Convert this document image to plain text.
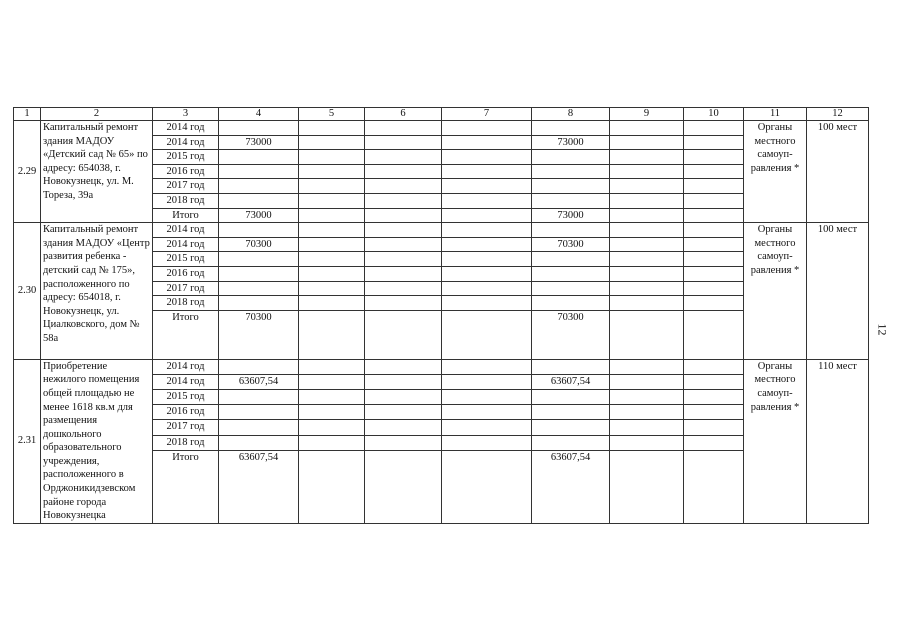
1	2	3	4	5	6	7	8	9	10	11	12
2.29	Капитальный ремонт здания МАДОУ «Детский сад № 65» по адресу: 654038, г. Новокузнецк, ул. М. Тореза, 39а	2014 год								Органы местного самоуп-равления *	100 мест
		2014 год	73000				73000				
		2015 год									
		2016 год									
		2017 год									
		2018 год									
		Итого	73000				73000				
2.30	Капитальный ремонт здания МАДОУ «Центр развития ребенка - детский сад № 175», расположенного по адресу: 654018, г. Новокузнецк, ул. Циалковского, дом № 58а	2014 год								Органы местного самоуп-равления *	100 мест
		2014 год	70300				70300				
		2015 год									
		2016 год									
		2017 год									
		2018 год									
		Итого	70300				70300				
2.31	Приобретение нежилого помещения общей площадью не менее 1618 кв.м для размещения дошкольного образовательного учреждения, расположенного в Орджоникидзевском районе города Новокузнецка	2014 год								Органы местного самоуп-равления *	110 мест
		2014 год	63607,54				63607,54				
		2015 год									
		2016 год									
		2017 год									
		2018 год									
		Итого	63607,54				63607,54				
12
